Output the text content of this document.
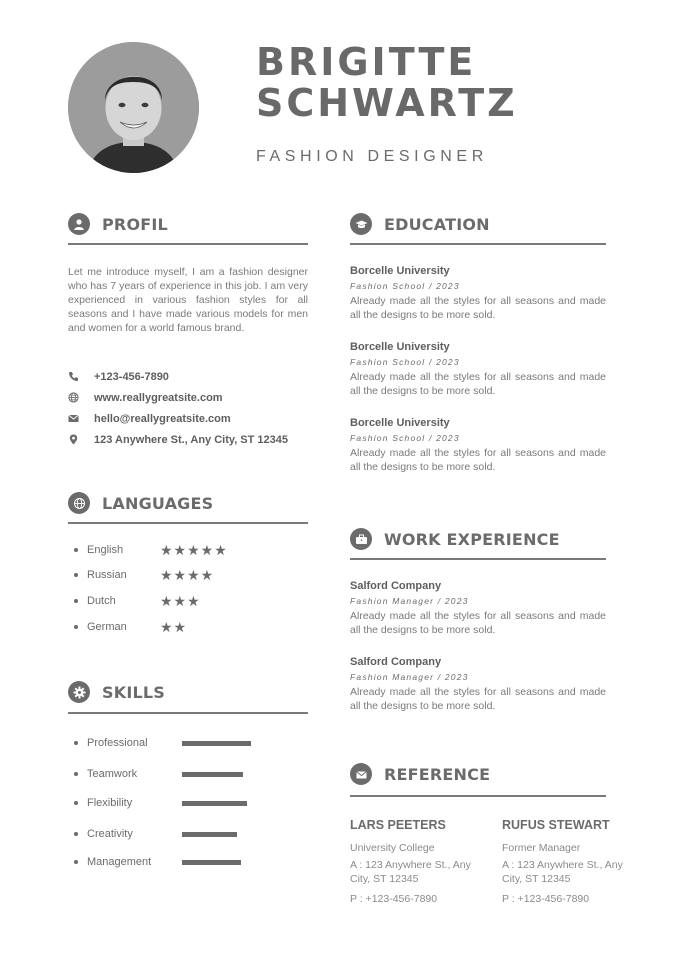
BRIGITTE
SCHWARTZ
FASHION DESIGNER
PROFIL

Let me introduce myself, I am a fashion designer who has 7 years of experience in this job. I am very experienced in various fashion styles for all seasons and I have made various models for men and women for a world famous brand.

+123-456-7890
www.reallygreatsite.com
hello@reallygreatsite.com
123 Anywhere St., Any City, ST 12345
LANGUAGES
English	★★★★★
Russian	★★★★
Dutch	★★★
German	★★
SKILLS
Professional
Teamwork
Flexibility
Creativity
Management
EDUCATION
Borcelle University
Fashion School / 2023
Already made all the styles for all seasons and made all the designs to be more sold.
Borcelle University
Fashion School / 2023
Already made all the styles for all seasons and made all the designs to be more sold.
Borcelle University
Fashion School / 2023
Already made all the styles for all seasons and made all the designs to be more sold.
WORK EXPERIENCE
Salford Company
Fashion Manager / 2023
Already made all the styles for all seasons and made all the designs to be more sold.
Salford Company
Fashion Manager / 2023
Already made all the styles for all seasons and made all the designs to be more sold.
REFERENCE
LARS PEETERS
University College
A : 123 Anywhere St., Any City, ST 12345
P : +123-456-7890
RUFUS STEWART
Former Manager
A : 123 Anywhere St., Any City, ST 12345
P : +123-456-7890
